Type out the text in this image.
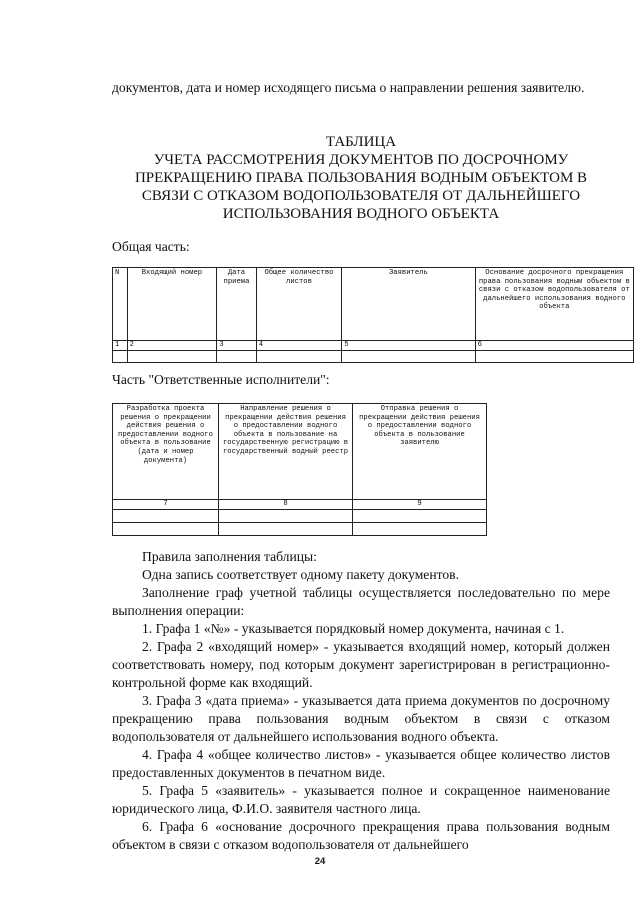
документов, дата и номер исходящего письма о направлении решения заявителю.
ТАБЛИЦА
УЧЕТА РАССМОТРЕНИЯ ДОКУМЕНТОВ ПО ДОСРОЧНОМУ
ПРЕКРАЩЕНИЮ ПРАВА ПОЛЬЗОВАНИЯ ВОДНЫМ ОБЪЕКТОМ В
СВЯЗИ С ОТКАЗОМ ВОДОПОЛЬЗОВАТЕЛЯ ОТ ДАЛЬНЕЙШЕГО
ИСПОЛЬЗОВАНИЯ ВОДНОГО ОБЪЕКТА
Общая часть:
N	Входящий номер	Дата приема	Общее количество листов	Заявитель	Основание досрочного прекращения права пользования водным объектом в связи с отказом водопользователя от дальнейшего использования водного объекта
1	2	3	4	5	6

Часть "Ответственные исполнители":
Разработка проекта решения о прекращении действия решения о предоставлении водного объекта в пользование (дата и номер документа)	Направление решения о прекращении действия решения о предоставлении водного объекта в пользование на государственную регистрацию в государственный водный реестр	Отправка решения о прекращении действия решения о предоставлении водного объекта в пользование заявителю
7	8	9

Правила заполнения таблицы:

Одна запись соответствует одному пакету документов.

Заполнение граф учетной таблицы осуществляется последовательно по мере выполнения операции:

1. Графа 1 «№» - указывается порядковый номер документа, начиная с 1.

2. Графа 2 «входящий номер» - указывается входящий номер, который должен соответствовать номеру, под которым документ зарегистрирован в регистрационно-контрольной форме как входящий.

3. Графа 3 «дата приема» - указывается дата приема документов по досрочному прекращению права пользования водным объектом в связи с отказом водопользователя от дальнейшего использования водного объекта.

4. Графа 4 «общее количество листов» - указывается общее количество листов предоставленных документов в печатном виде.

5. Графа 5 «заявитель» - указывается полное и сокращенное наименование юридического лица, Ф.И.О. заявителя частного лица.

6. Графа 6 «основание досрочного прекращения права пользования водным объектом в связи с отказом водопользователя от дальнейшего

24
